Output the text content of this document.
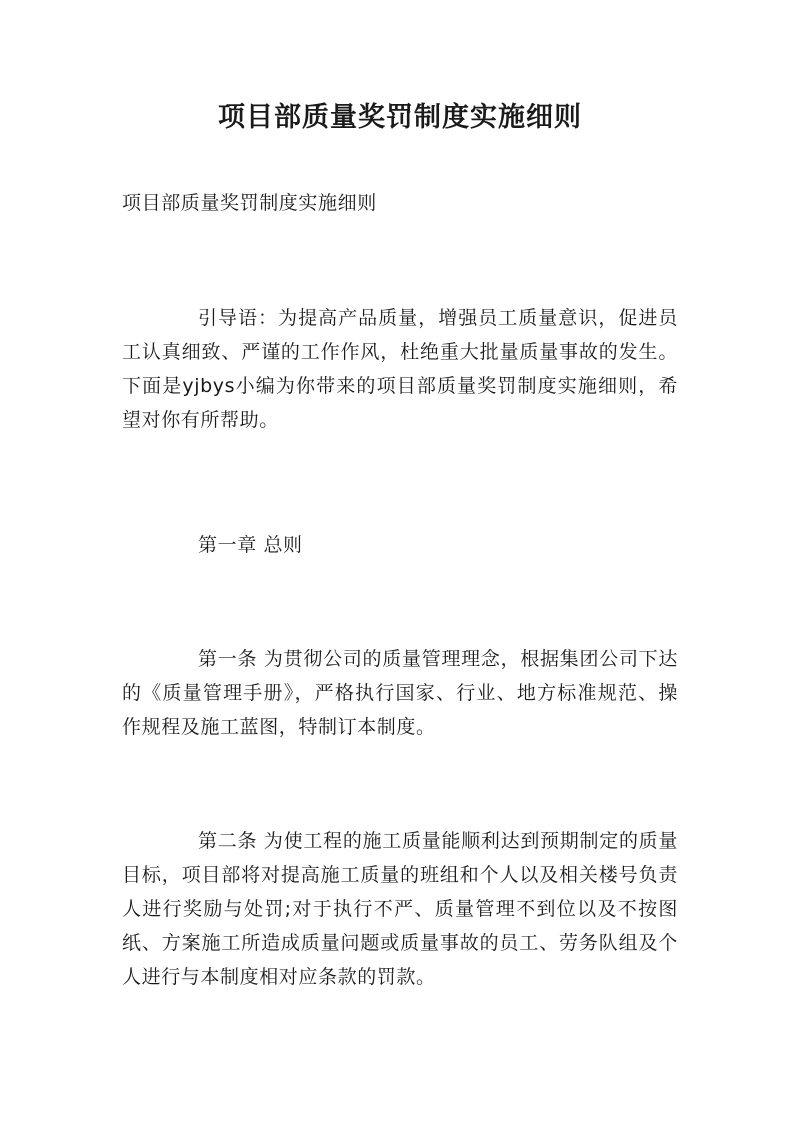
项目部质量奖罚制度实施细则

项目部质量奖罚制度实施细则

引导语：为提高产品质量，增强员工质量意识，促进员工认真细致、严谨的工作作风，杜绝重大批量质量事故的发生。下面是yjbys小编为你带来的项目部质量奖罚制度实施细则，希望对你有所帮助。

第一章 总则

第一条 为贯彻公司的质量管理理念，根据集团公司下达的《质量管理手册》，严格执行国家、行业、地方标准规范、操作规程及施工蓝图，特制订本制度。

第二条 为使工程的施工质量能顺利达到预期制定的质量目标，项目部将对提高施工质量的班组和个人以及相关楼号负责人进行奖励与处罚;对于执行不严、质量管理不到位以及不按图纸、方案施工所造成质量问题或质量事故的员工、劳务队组及个人进行与本制度相对应条款的罚款。
